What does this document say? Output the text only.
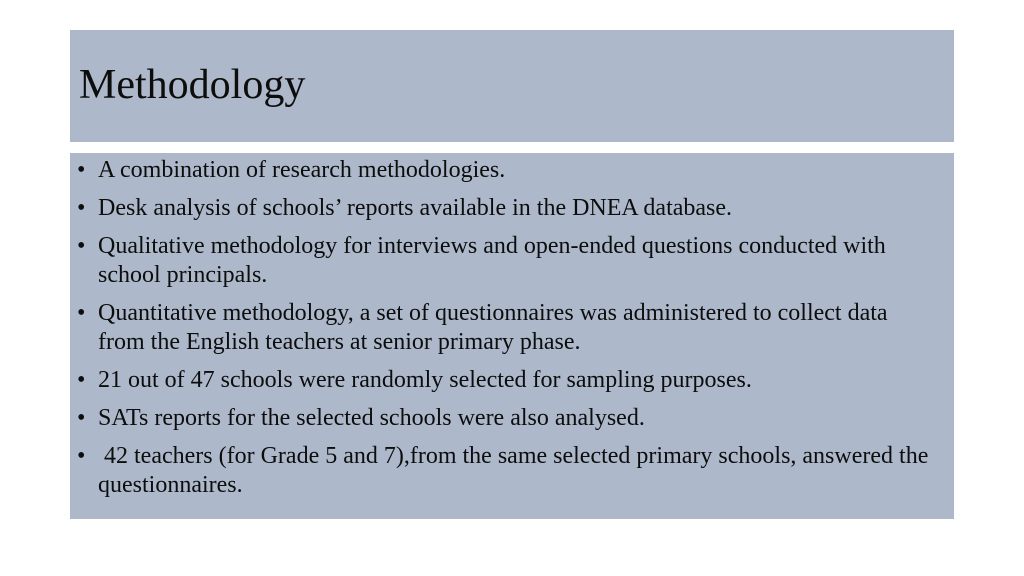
Methodology
• A combination of research methodologies.
• Desk analysis of schools’ reports available in the DNEA database.
• Qualitative methodology for interviews and open-ended questions conducted with school principals.
• Quantitative methodology, a set of questionnaires was administered to collect data from the English teachers at senior primary phase.
• 21 out of 47 schools were randomly selected for sampling purposes.
• SATs reports for the selected schools were also analysed.
• 42 teachers (for Grade 5 and 7),from the same selected primary schools, answered the questionnaires.
